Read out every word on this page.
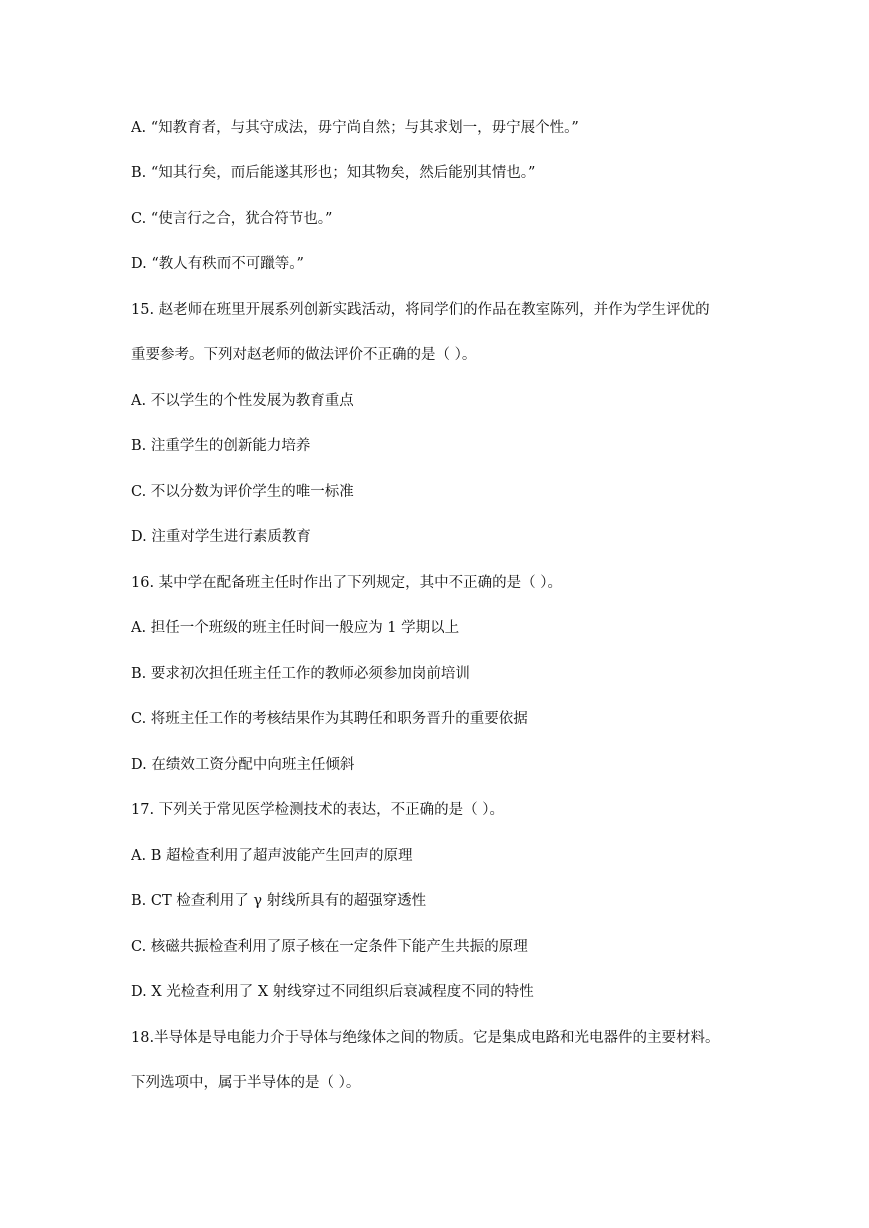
A. “知教育者，与其守成法，毋宁尚自然；与其求划一，毋宁展个性。”
B. “知其行矣，而后能遂其形也；知其物矣，然后能别其情也。”
C. “使言行之合，犹合符节也。”
D. “教人有秩而不可躐等。”
15. 赵老师在班里开展系列创新实践活动，将同学们的作品在教室陈列，并作为学生评优的
重要参考。下列对赵老师的做法评价不正确的是（ ）。
A. 不以学生的个性发展为教育重点
B. 注重学生的创新能力培养
C. 不以分数为评价学生的唯一标准
D. 注重对学生进行素质教育
16. 某中学在配备班主任时作出了下列规定，其中不正确的是（ ）。
A. 担任一个班级的班主任时间一般应为 1 学期以上
B. 要求初次担任班主任工作的教师必须参加岗前培训
C. 将班主任工作的考核结果作为其聘任和职务晋升的重要依据
D. 在绩效工资分配中向班主任倾斜
17. 下列关于常见医学检测技术的表达，不正确的是（ ）。
A. B 超检查利用了超声波能产生回声的原理
B. CT 检查利用了 γ 射线所具有的超强穿透性
C. 核磁共振检查利用了原子核在一定条件下能产生共振的原理
D. X 光检查利用了 X 射线穿过不同组织后衰减程度不同的特性
18.半导体是导电能力介于导体与绝缘体之间的物质。它是集成电路和光电器件的主要材料。
下列选项中，属于半导体的是（ ）。
